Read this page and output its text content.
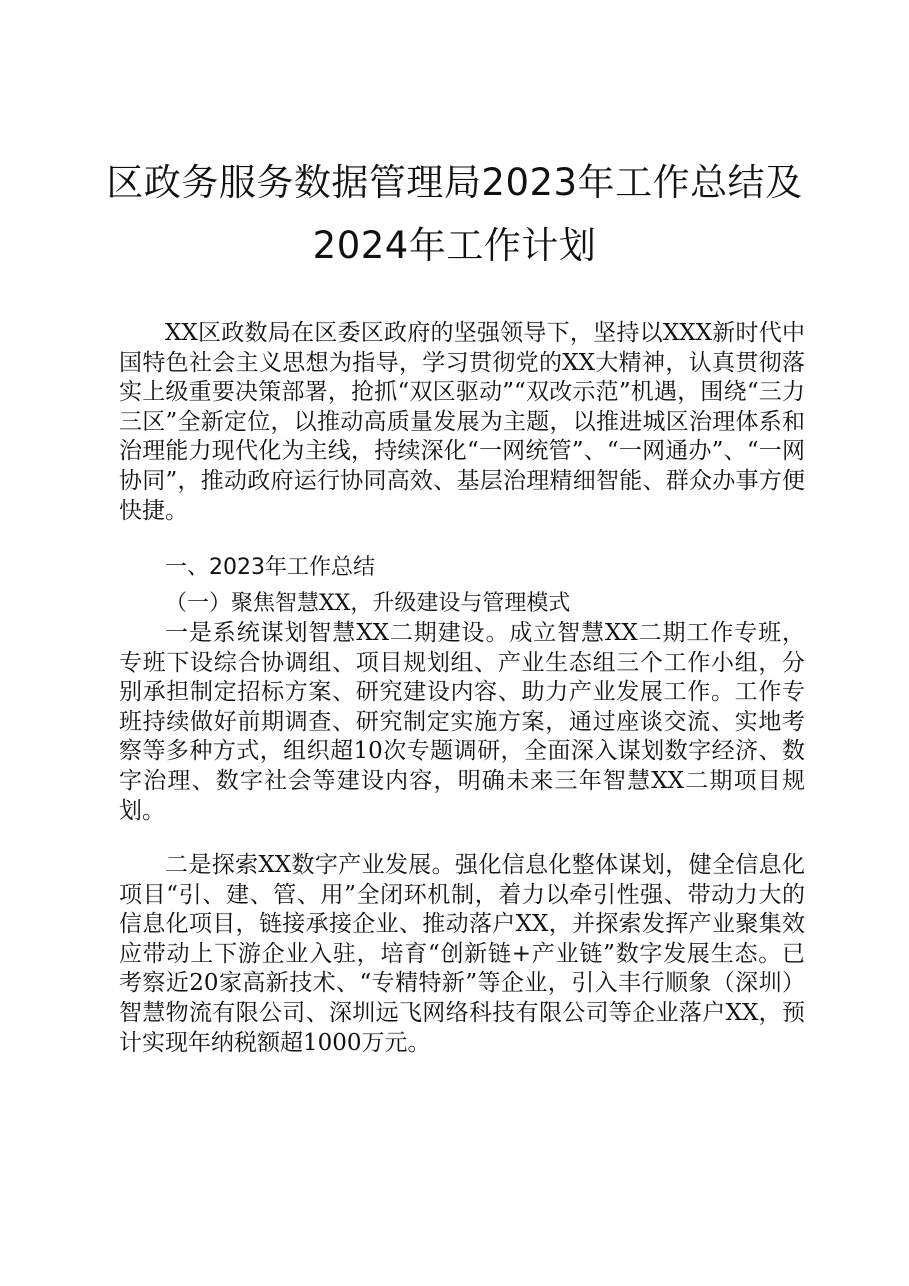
区政务服务数据管理局2023年工作总结及
2024年工作计划

XX区政数局在区委区政府的坚强领导下，坚持以XXX新时代中国特色社会主义思想为指导，学习贯彻党的XX大精神，认真贯彻落实上级重要决策部署，抢抓“双区驱动”“双改示范”机遇，围绕“三力三区”全新定位，以推动高质量发展为主题，以推进城区治理体系和治理能力现代化为主线，持续深化“一网统管”、“一网通办”、“一网协同”，推动政府运行协同高效、基层治理精细智能、群众办事方便快捷。

一、2023年工作总结

（一）聚焦智慧XX，升级建设与管理模式

一是系统谋划智慧XX二期建设。成立智慧XX二期工作专班，专班下设综合协调组、项目规划组、产业生态组三个工作小组，分别承担制定招标方案、研究建设内容、助力产业发展工作。工作专班持续做好前期调查、研究制定实施方案，通过座谈交流、实地考察等多种方式，组织超10次专题调研，全面深入谋划数字经济、数字治理、数字社会等建设内容，明确未来三年智慧XX二期项目规划。

二是探索XX数字产业发展。强化信息化整体谋划，健全信息化项目“引、建、管、用”全闭环机制，着力以牵引性强、带动力大的信息化项目，链接承接企业、推动落户XX，并探索发挥产业聚集效应带动上下游企业入驻，培育“创新链+产业链”数字发展生态。已考察近20家高新技术、“专精特新”等企业，引入丰行顺象（深圳）智慧物流有限公司、深圳远飞网络科技有限公司等企业落户XX，预计实现年纳税额超1000万元。
